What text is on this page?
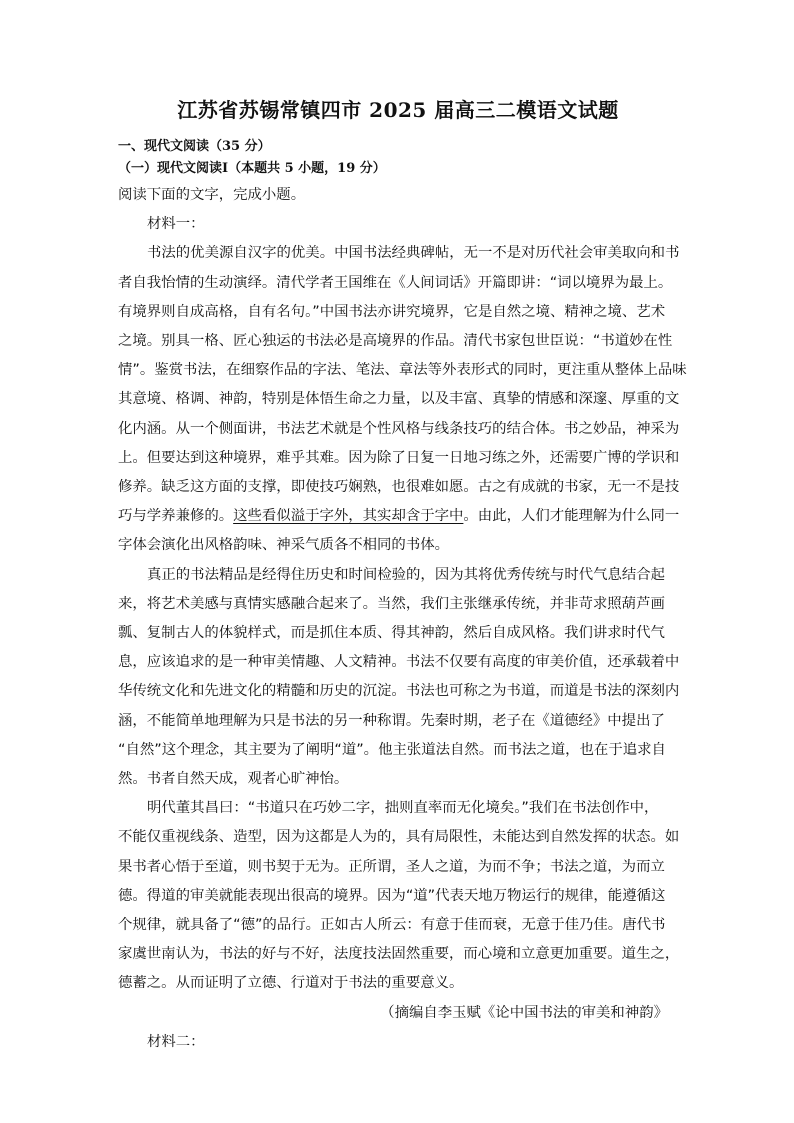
江苏省苏锡常镇四市 2025 届高三二模语文试题

一、现代文阅读（35 分）

（一）现代文阅读Ⅰ（本题共 5 小题，19 分）

阅读下面的文字，完成小题。

材料一：

书法的优美源自汉字的优美。中国书法经典碑帖，无一不是对历代社会审美取向和书

者自我怡情的生动演绎。清代学者王国维在《人间词话》开篇即讲：“词以境界为最上。

有境界则自成高格，自有名句。”中国书法亦讲究境界，它是自然之境、精神之境、艺术

之境。别具一格、匠心独运的书法必是高境界的作品。清代书家包世臣说：“书道妙在性

情”。鉴赏书法，在细察作品的字法、笔法、章法等外表形式的同时，更注重从整体上品味

其意境、格调、神韵，特别是体悟生命之力量，以及丰富、真挚的情感和深邃、厚重的文

化内涵。从一个侧面讲，书法艺术就是个性风格与线条技巧的结合体。书之妙品，神采为

上。但要达到这种境界，难乎其难。因为除了日复一日地习练之外，还需要广博的学识和

修养。缺乏这方面的支撑，即使技巧娴熟，也很难如愿。古之有成就的书家，无一不是技

巧与学养兼修的。这些看似溢于字外，其实却含于字中。由此，人们才能理解为什么同一

字体会演化出风格韵味、神采气质各不相同的书体。

真正的书法精品是经得住历史和时间检验的，因为其将优秀传统与时代气息结合起

来，将艺术美感与真情实感融合起来了。当然，我们主张继承传统，并非苛求照葫芦画

瓢、复制古人的体貌样式，而是抓住本质、得其神韵，然后自成风格。我们讲求时代气

息，应该追求的是一种审美情趣、人文精神。书法不仅要有高度的审美价值，还承载着中

华传统文化和先进文化的精髓和历史的沉淀。书法也可称之为书道，而道是书法的深刻内

涵，不能简单地理解为只是书法的另一种称谓。先秦时期，老子在《道德经》中提出了

“自然”这个理念，其主要为了阐明“道”。他主张道法自然。而书法之道，也在于追求自

然。书者自然天成，观者心旷神怡。

明代董其昌曰：“书道只在巧妙二字，拙则直率而无化境矣。”我们在书法创作中，

不能仅重视线条、造型，因为这都是人为的，具有局限性，未能达到自然发挥的状态。如

果书者心悟于至道，则书契于无为。正所谓，圣人之道，为而不争；书法之道，为而立

德。得道的审美就能表现出很高的境界。因为“道”代表天地万物运行的规律，能遵循这

个规律，就具备了“德”的品行。正如古人所云：有意于佳而衰，无意于佳乃佳。唐代书

家虞世南认为，书法的好与不好，法度技法固然重要，而心境和立意更加重要。道生之，

德蓄之。从而证明了立德、行道对于书法的重要意义。

（摘编自李玉赋《论中国书法的审美和神韵》

材料二：
